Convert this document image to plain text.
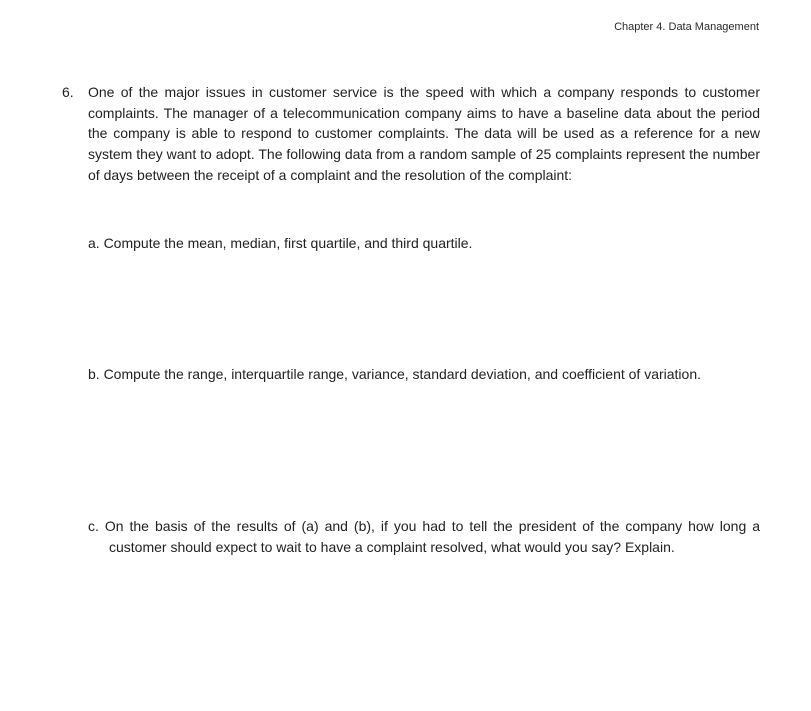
Chapter 4. Data Management
6. One of the major issues in customer service is the speed with which a company responds to customer complaints. The manager of a telecommunication company aims to have a baseline data about the period the company is able to respond to customer complaints. The data will be used as a reference for a new system they want to adopt. The following data from a random sample of 25 complaints represent the number of days between the receipt of a complaint and the resolution of the complaint:
a. Compute the mean, median, first quartile, and third quartile.
b. Compute the range, interquartile range, variance, standard deviation, and coefficient of variation.
c. On the basis of the results of (a) and (b), if you had to tell the president of the company how long a customer should expect to wait to have a complaint resolved, what would you say? Explain.
